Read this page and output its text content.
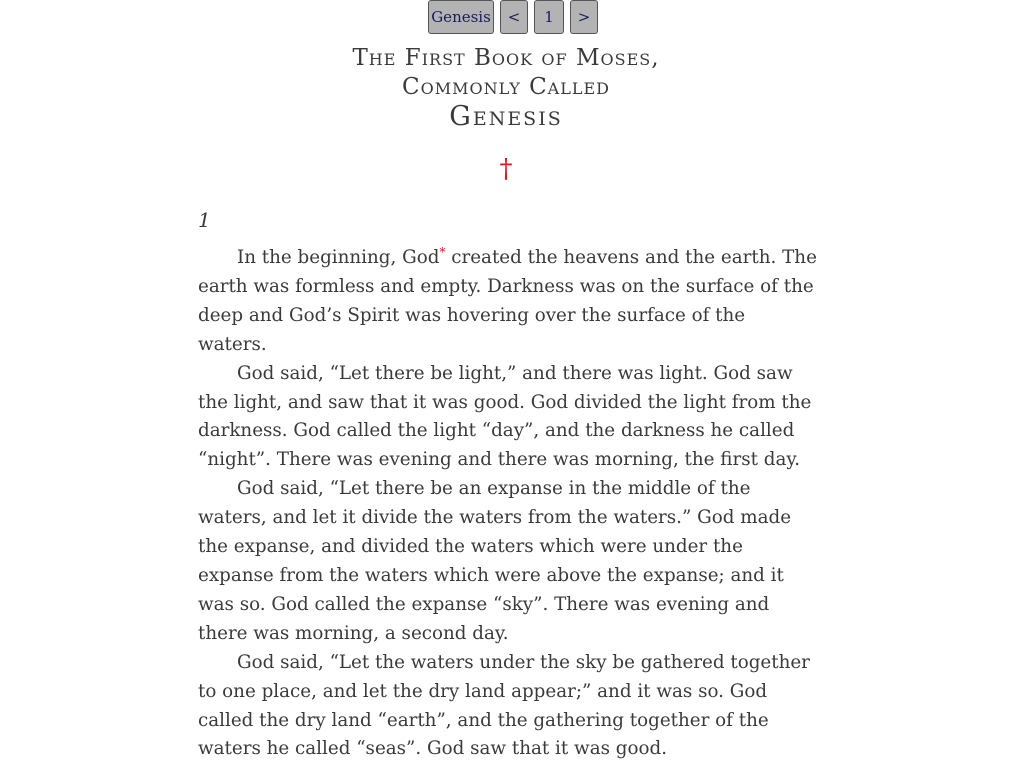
Genesis	<	1	>
The First Book of Moses,
Commonly Called
Genesis
†
1

In the beginning, God* created the heavens and the earth. The earth was formless and empty. Darkness was on the surface of the deep and God’s Spirit was hovering over the surface of the waters.

God said, “Let there be light,” and there was light. God saw the light, and saw that it was good. God divided the light from the darkness. God called the light “day”, and the darkness he called “night”. There was evening and there was morning, the first day.

God said, “Let there be an expanse in the middle of the waters, and let it divide the waters from the waters.” God made the expanse, and divided the waters which were under the expanse from the waters which were above the expanse; and it was so. God called the expanse “sky”. There was evening and there was morning, a second day.

God said, “Let the waters under the sky be gathered together to one place, and let the dry land appear;” and it was so. God called the dry land “earth”, and the gathering together of the waters he called “seas”. God saw that it was good.
